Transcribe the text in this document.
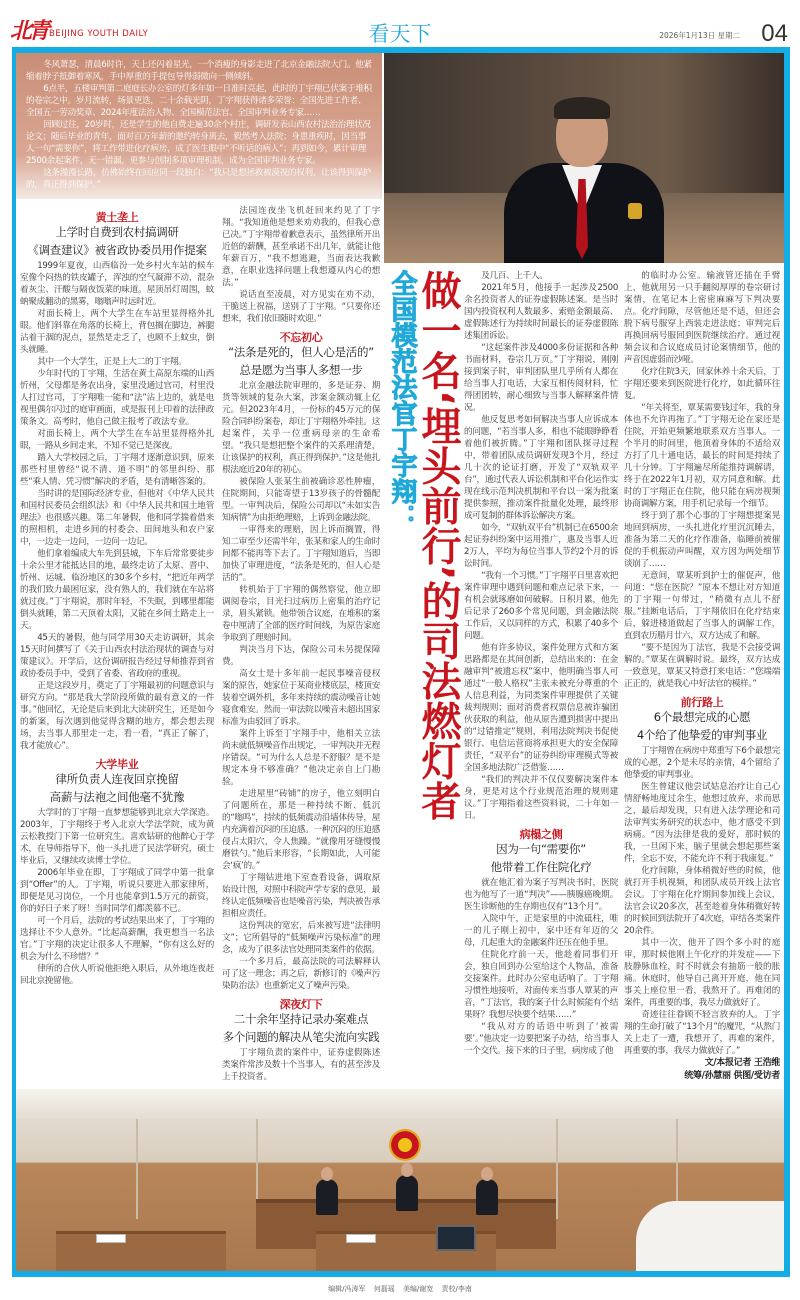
北青 BEIJING YOUTH DAILY	看天下	2026年1月13日 星期二 04

冬风萧瑟，清晨6时许，天上还闪着星光，一个消瘦的身影走进了北京金融法院大门。他紧缩着脖子抵御着寒风，手中厚重的手提包导得弱微向一侧倾斜。

6点半，五楼审判第二庭庭长办公室的灯多年如一日准时亮起，此时的丁宇翔已伏案于堆积的卷宗之中。岁月流转，场景更迭，二十余载光阴，丁宇翔获得诸多荣誉：全国先进工作者、全国五一劳动奖章、2024年度法治人物、全国模范法官、全国审判业务专家……

回顾过往，20岁时，还是学生的他自费走遍30余个村庄，调研发表山西农村法治治理状况论文；随后毕业的青年，面对百万年薪的邀约转身离去，毅然考入法院；身患重疾时，因当事人一句“需要你”，将工作带进化疗病房，成了医生眼中“不听话的病人”；再到如今，累计审理2500余起案件，无一错漏，更参与创制多项审理机制，成为全国审判业务专家。

这条漫漫长路，仿佛始终在回应同一段独白：“我只是想拯救被漠视的权利，让该得到保护的，真正得到保护。”

全国模范法官丁宇翔：
做一名‘埋头前行’的司法燃灯者
黄土垄上
上学时自费到农村搞调研
《调查建议》被省政协委员用作提案

1999年夏夜，山西临汾一处乡村火车站的候车室像个闷热的铁皮罐子，浑浊的空气凝滞不动，混杂着灰尘、汗酸与隔夜饭菜的味道。屋顶吊灯周围，蚊蚋聚成翻动的黑雾，嗡嗡声时远时近。

对面长椅上，两个大学生在车站里显得格外扎眼。他们斜靠在角落的长椅上，背包搁在脚边，裤腿沾着干涸的泥点，显然是走乏了，也顾不上蚊虫，倒头就睡。

其中一个大学生，正是上大二的丁宇翔。

少年时代的丁宇翔，生活在黄土高原东端的山西忻州，父母都是务农出身，家里没通过官司，村里没人打过官司，丁宇翔唯一能和“法”沾上边的，就是电视里偶尔闪过的庭审画面，或是报刊上印着的法律政策条文。高考时，他自己做主报考了政法专业。

对面长椅上，两个大学生在车站里显得格外扎眼，一路从乡间走来，不知不觉已是深夜。

踏入大学校园之后，丁宇翔才逐渐意识到，原来那些村里曾经“说不清、道不明”的邻里纠纷、那些“乘人情、凭习惯”解决的矛盾，是有清晰答案的。

当时讲的是国际经济专业，但他对《中华人民共和国村民委员会组织法》和《中华人民共和国土地管理法》也很感兴趣。第二年暑假，他和同学揣着借来的照相机，走进乡间的村委会、田间地头和农户家中，一边走一边问，一边问一边记。

他们拿着编成大车先到县城，下车后常常要徒步十余公里才能抵达目的地，最终走访了太原、晋中、忻州、运城、临汾地区的30多个乡村，“把近年两学的我们致力最困厄家，没有熟人的，我们就在车站将就过夜。”丁宇翔说，那时年轻，不失眠，到哪里都能倒头就睡，第二天顶着太阳，又能在乡间土路走上一天。

45天的暑假，他与同学用30天走访调研，其余15天时间撰写了《关于山西农村法治现状的调查与对策建议》。开学后，这份调研报告经过导师推荐到省政协委员手中，受到了省委、省政府的重视。

正是这段岁月，奠定了丁宇翔最初的问题意识与研究方向。“那是我大学阶段所做的最有意义的一件事。”他回忆，无论是后来到北大读研究生，还是如今的新案，每次遇到他觉得含糊的地方，都会想去现场，去当事人那里走一走，看一看，“真正了解了，我才能放心”。

大学毕业
律所负责人连夜回京挽留
高薪与法袍之间他毫不犹豫

大学时的丁宇翔一直梦想能够到北京大学深造。2003年，丁宇翔终于考入北京大学法学院，成为黄云松教授门下第一位研究生。喜欢钻研的他醉心于学术，在导师指导下，他一头扎进了民法学研究，硕士毕业后，又继续攻读博士学位。

2006年毕业在即，丁宇翔成了同学中第一批拿到“Offer”的人。丁宇翔，听说只要进入那家律所，即便是见习岗位，一个月也能拿到1.5万元的薪资，你的好日子来了呀！当时同学们都羡慕不已。

可一个月后，法院的考试结果出来了，丁宇翔的选择让不少人意外。“比起高薪酬，我更想当一名法官。”丁宇翔的决定让很多人不理解，“你有这么好的机会为什么不珍惜？”

律所的合伙人听说他拒绝入职后，从外地连夜赶回北京挽留他。

法园连夜坐飞机赶回来约见了丁宇翔。“我知道他是想来劝劝我的，但我心意已决。”丁宇翔带着歉意表示，虽然律所开出近倍的薪酬，甚至承诺不出几年，就能让他年薪百万，“我不想逃避，当面表达我歉意，在职业选择问题上我想遵从内心的想法。”

说话直至凌晨，对方见实在劝不动，干脆送上祝福，送别了丁宇翔。“只要你还想来，我们依旧随时欢迎。”

不忘初心
“法条是死的，但人心是活的”
总是愿为当事人多想一步

北京金融法院审理的，多是证券、期货等领域的复杂大案，涉案金额动辄上亿元。但2023年4月，一份标的45万元的保险合同纠纷案卷，却让丁宇翔格外牵挂。这起案件，关乎一位重病母亲的生命希望。“我只是想把整个案件的关系理清楚，让该保护的权利，真正得到保护。”这是他扎根法庭近20年的初心。

被保险人张某生前被确诊恶性肿瘤，住院期间，只能寄望于13岁孩子的骨髓配型。一审判决后，保险公司却以“未如实告知病情”为由拒绝理赔，上诉到金融法院。

一审得来的理赔，因上诉而搁置，得知二审至少还需半年，张某和家人的生命时间都不能再等下去了。丁宇翔知道后，当即加快了审理进度，“法条是死的，但人心是活的”。

转机始于丁宇翔的偶然察觉，他立即调阅卷宗，目光扫过病历上密集的治疗记录，眉头紧锁。他带领合议庭，在堆积的案卷中厘清了全部的医疗时间线，为原告家庭争取到了理赔时间。

判决当月下达，保险公司未另提保障费。

高女士是十多年前一起民事噪音侵权案的原告，她家位于某商业楼底层，楼顶安装着空调外机，多年来持续的震动噪音让她寝食难安。然而一审法院以噪音未超出国家标准为由驳回了诉求。

案件上诉至丁宇翔手中，他相关立法尚未就低频噪音作出规定，一审判决并无程序错误。“可为什么人总是不舒服？是不是规定本身不够准确？”他决定亲自上门勘验。

走进屋里“砖铺”的房子，他立刻明白了问题所在，那是一种持续不断、低沉的“嗡鸣”，持续的低频震动沿墙体传导，屋内充满着沉闷的压迫感。一种沉闷的压迫感侵占太阳穴，令人焦躁。“就像用牙缝慢慢磨铁勺。”他后来形容，“长期如此，人可能会‘疯’的。”

丁宇翔钻进地下室查看设备，调取原始设计图，对照中科院声学专家的意见，最终认定低频噪音也是噪音污染，判决被告承担相应责任。

这份判决的宽宏，后来被写进“法律明文”；它所倡导的“低频噪声污染标准”的理念，成为了很多法官处理同类案件的依据。

一个多月后，最高法院的司法解释认可了这一理念；再之后，新修订的《噪声污染防治法》也重新定义了噪声污染。

深夜灯下
二十余年坚持记录办案难点
多个问题的解决从笔尖流向实践

丁宇翔负责的案件中，证券虚假陈述类案件常涉及数十个当事人，有的甚至涉及上千投资者。

及几百、上千人。

2021年5月，他接手一起涉及2500余名投资者人的证券虚假陈述案。是当时国内投资权利人数最多、索赔金额最高、虚假陈述行为持续时间最长的证券虚假陈述集团诉讼。

“这起案件涉及4000多份证据和各种书面材料，卷宗几万页。”丁宇翔说，刚刚接到案子时，审判团队里几乎所有人都在给当事人打电话，大家互相传阅材料，忙得团团转，耐心细致与当事人解释案件情况。

他反复思考如何解决当事人应诉成本的问题，“若当事人多，相也不能眼睁睁看着他们被折腾。”丁宇翔和团队探寻过程中，带着团队成员调研发现3个月，经过几十次的论证打磨，开发了“双轨双平台”，通过代表人诉讼机制和平台化运作实现在线示范判决机制和平台以一案为批案提供参照，推动案件批量化处理，最终形成可复制的群体诉讼解决方案。

如今，“双轨双平台”机制已在6500余起证券纠纷案中运用推广，惠及当事人近2万人，平均为每位当事人节约2个月的诉讼时间。

“我有一个习惯。”丁宇翔平日里喜欢把案件审理中遇到问题和难点记录下来，一有机会就琢磨如何破解。日积月累，他先后记录了260多个常见问题，到金融法院工作后，又以同样的方式，积累了40多个问题。

他有许多协议，案件处理方式和方案思路都是在其间创新，总结出来的：在金融审判“被遗忘权”案中，他明确当事人可通过“一般人格权”主张未被充分尊重的个人信息利益，为同类案件审理提供了关键裁判规则；面对消费者权票信息被诈骗团伙获取的利益，他从原告遭到损害中提出的“过错推定”规则，利用法院判决书促使银行、电信运营商将承担更大的安全保障责任，“双平台”的证券纠纷审理模式等被全国多地法院广泛借鉴……

“我们的判决并不仅仅要解决案件本身，更是对这个行业规范治理的规则建议。”丁宇翔指着这些资料说，二十年如一日。

病榻之侧
因为一句“需要你”
他带着工作住院化疗

就在他汇着为案子写判决书时，医院也为他写了一道“判决”——胰腺癌晚期。医生诊断他的生存期也仅有“13个月”。

入院中午，正是家里的中流砥柱，唯一的儿子刚上初中，家中还有年迈的父母，几起重大的金融案件还压在他手里。

住院化疗前一天，他趁着同事们开会，独自回到办公室给这个人物品，准备交接案件。此时办公室电话响了。丁宇翔习惯性地接听，对面传来当事人覃某的声音，“丁法官，我的案子什么时候能有个结果呀？我想尽快要个结果……”

“我从对方的话语中听到了‘被需要’。”他决定一边要把案子办结，给当事人一个交代。接下来的日子里，病房成了他

的临时办公室。输液管还插在手臂上，他就用另一只手翻阅厚厚的卷宗研讨案情，在笔记本上密密麻麻写下判决要点。化疗间隙，尽管他还是不适，但还会脱下病号服穿上西装走进法庭；审判完后再换回病号服回到医院继续治疗。通过视频会议和合议庭成员讨论案情细节，他的声音因虚弱而沙哑。

化疗住院3天，回家休养十余天后，丁宇翔还要来到医院进行化疗，如此循环往复。

“年关将至，覃某需要钱过年，我的身体也不允许再拖了。”丁宇翔无论在家还是住院，开始更频繁地联系双方当事人。一个半月的时间里，他顶着身体的不适给双方打了几十通电话，最长的时间是持续了几十分钟。丁宇翔遍尽所能推持调解请，终于在2022年1月初，双方同意和解。此时的丁宇翔正在住院，他只能在病房视频协商调解方案，用手机记录每一个细节。

终于到了那个心事的丁宇翔想提案晃地回到病房，一头扎进化疗里沉沉睡去，准备为第二天的化疗作准备，临睡前被催促的手机振动声叫醒，双方因为两处细节谈崩了……

无意间，覃某听到护士的催促声，他问道：“您在医院？”原本不想让对方知道的丁宇翔一句带过，“稍微有点儿不舒服。”挂断电话后，丁宇翔依旧在化疗结束后，躲进楼道做起了当事人的调解工作，直到农历腊月廿六，双方达成了和解。

“要不是因为丁法官，我是不会接受调解的。”覃某在调解时说。最终，双方达成一致意见，覃某又特意打来电话：“您端端正正的，就是我心中好法官的模样。”

前行路上
6个最想完成的心愿
4个给了他挚爱的审判事业

丁宇翔曾在病房中郑重写下6个最想完成的心愿，2个是未尽的亲情，4个留给了他挚爱的审判事业。

医生曾建议他尝试姑息治疗让自己心情舒畅地度过余生，他想过放弃，求而思之，最后却发现，只有进入法学理论和司法审判实务研究的状态中，他才感受不到病痛。“因为法律是我的爱好，那时候的我，一旦闲下来，脑子里就会想起那些案件，全忘不安，不能允许不利于我康复。”

化疗间隙，身体稍微好些的时候，他就打开手机视频，和团队成员开线上法官会议。丁宇翔在化疗期间参加线上会议，法官会议20多次，甚至趁着身体稍微好转的时候回到法院开了4次庭，审结各类案件20余件。

其中一次，他开了四个多小时的庭审，那时候他刚上午化疗的并发症——下肢静脉血栓，时不时就会有抽筋一般的胀痛。休庭时，他导自己离开开庭，他在同事关上座位里一看，我熬开了。再难闭的案件，再重要的事，我尽力做就好了。

奇迹往往眷顾不轻言放弃的人。丁宇翔的生命打破了“13个月”的魔咒，“从熬门关上走了一遭，我想开了，再难的案件，再重要的事，我尽力做就好了。”

文/本报记者 王浩维
统筹/孙慧丽 供图/受访者
编辑/冯涛军 何磊瑶 美编/谢宽 责校/李南
